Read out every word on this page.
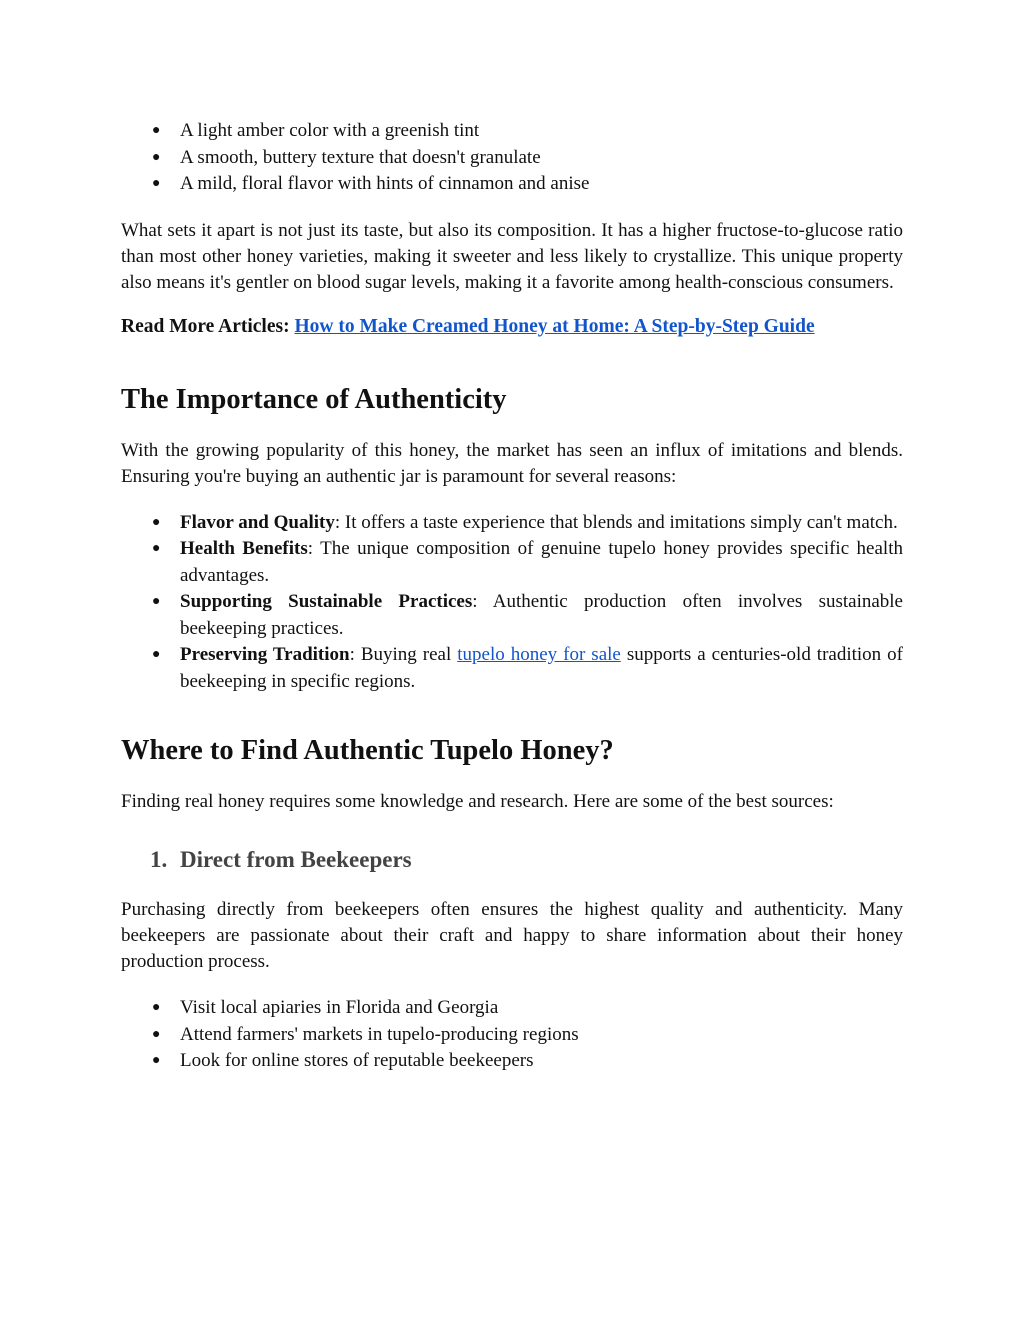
● A light amber color with a greenish tint
● A smooth, buttery texture that doesn't granulate
● A mild, floral flavor with hints of cinnamon and anise

What sets it apart is not just its taste, but also its composition. It has a higher fructose-to-glucose ratio than most other honey varieties, making it sweeter and less likely to crystallize. This unique property also means it's gentler on blood sugar levels, making it a favorite among health-conscious consumers.

Read More Articles: How to Make Creamed Honey at Home: A Step-by-Step Guide

The Importance of Authenticity

With the growing popularity of this honey, the market has seen an influx of imitations and blends. Ensuring you're buying an authentic jar is paramount for several reasons:

● Flavor and Quality: It offers a taste experience that blends and imitations simply can't match.
● Health Benefits: The unique composition of genuine tupelo honey provides specific health advantages.
● Supporting Sustainable Practices: Authentic production often involves sustainable beekeeping practices.
● Preserving Tradition: Buying real tupelo honey for sale supports a centuries-old tradition of beekeeping in specific regions.
Where to Find Authentic Tupelo Honey?

Finding real honey requires some knowledge and research. Here are some of the best sources:

1. Direct from Beekeepers

Purchasing directly from beekeepers often ensures the highest quality and authenticity. Many beekeepers are passionate about their craft and happy to share information about their honey production process.

● Visit local apiaries in Florida and Georgia
● Attend farmers' markets in tupelo-producing regions
● Look for online stores of reputable beekeepers
